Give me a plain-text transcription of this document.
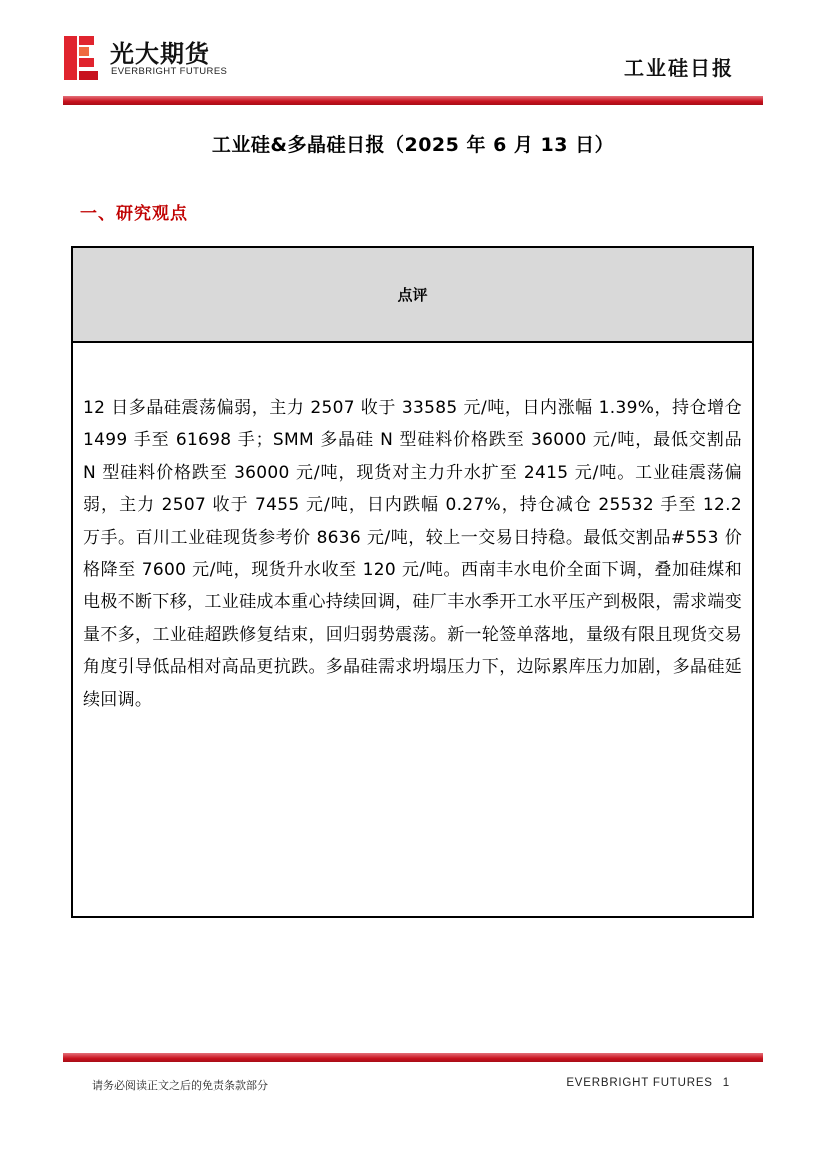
光大期货
EVERBRIGHT FUTURES	工业硅日报
工业硅&多晶硅日报（2025 年 6 月 13 日）
一、研究观点
点评
12 日多晶硅震荡偏弱，主力 2507 收于 33585 元/吨，日内涨幅 1.39%，持仓增仓 1499 手至 61698 手；SMM 多晶硅 N 型硅料价格跌至 36000 元/吨，最低交割品 N 型硅料价格跌至 36000 元/吨，现货对主力升水扩至 2415 元/吨。工业硅震荡偏弱，主力 2507 收于 7455 元/吨，日内跌幅 0.27%，持仓减仓 25532 手至 12.2 万手。百川工业硅现货参考价 8636 元/吨，较上一交易日持稳。最低交割品#553 价格降至 7600 元/吨，现货升水收至 120 元/吨。西南丰水电价全面下调，叠加硅煤和电极不断下移，工业硅成本重心持续回调，硅厂丰水季开工水平压产到极限，需求端变量不多，工业硅超跌修复结束，回归弱势震荡。新一轮签单落地，量级有限且现货交易角度引导低品相对高品更抗跌。多晶硅需求坍塌压力下，边际累库压力加剧，多晶硅延续回调。
请务必阅读正文之后的免责条款部分	EVERBRIGHT FUTURES 1
